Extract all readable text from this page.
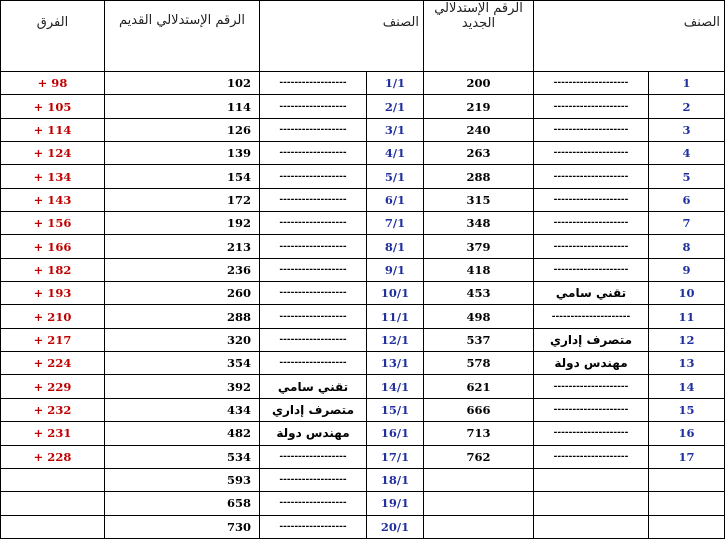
الفرق	الرقم الإستدلالي القديم	الصنف		الرقم الإستدلالي الجديد	الصنف	
+ 98	102	------------------	1/1	200	--------------------	1
+ 105	114	------------------	2/1	219	--------------------	2
+ 114	126	------------------	3/1	240	--------------------	3
+ 124	139	------------------	4/1	263	--------------------	4
+ 134	154	------------------	5/1	288	--------------------	5
+ 143	172	------------------	6/1	315	--------------------	6
+ 156	192	------------------	7/1	348	--------------------	7
+ 166	213	------------------	8/1	379	--------------------	8
+ 182	236	------------------	9/1	418	--------------------	9
+ 193	260	------------------	10/1	453	تقني سامي	10
+ 210	288	------------------	11/1	498	---------------------	11
+ 217	320	------------------	12/1	537	متصرف إداري	12
+ 224	354	------------------	13/1	578	مهندس دولة	13
+ 229	392	تقني سامي	14/1	621	--------------------	14
+ 232	434	متصرف إداري	15/1	666	--------------------	15
+ 231	482	مهندس دولة	16/1	713	--------------------	16
+ 228	534	------------------	17/1	762	--------------------	17
	593	------------------	18/1			
	658	------------------	19/1			
	730	------------------	20/1			
